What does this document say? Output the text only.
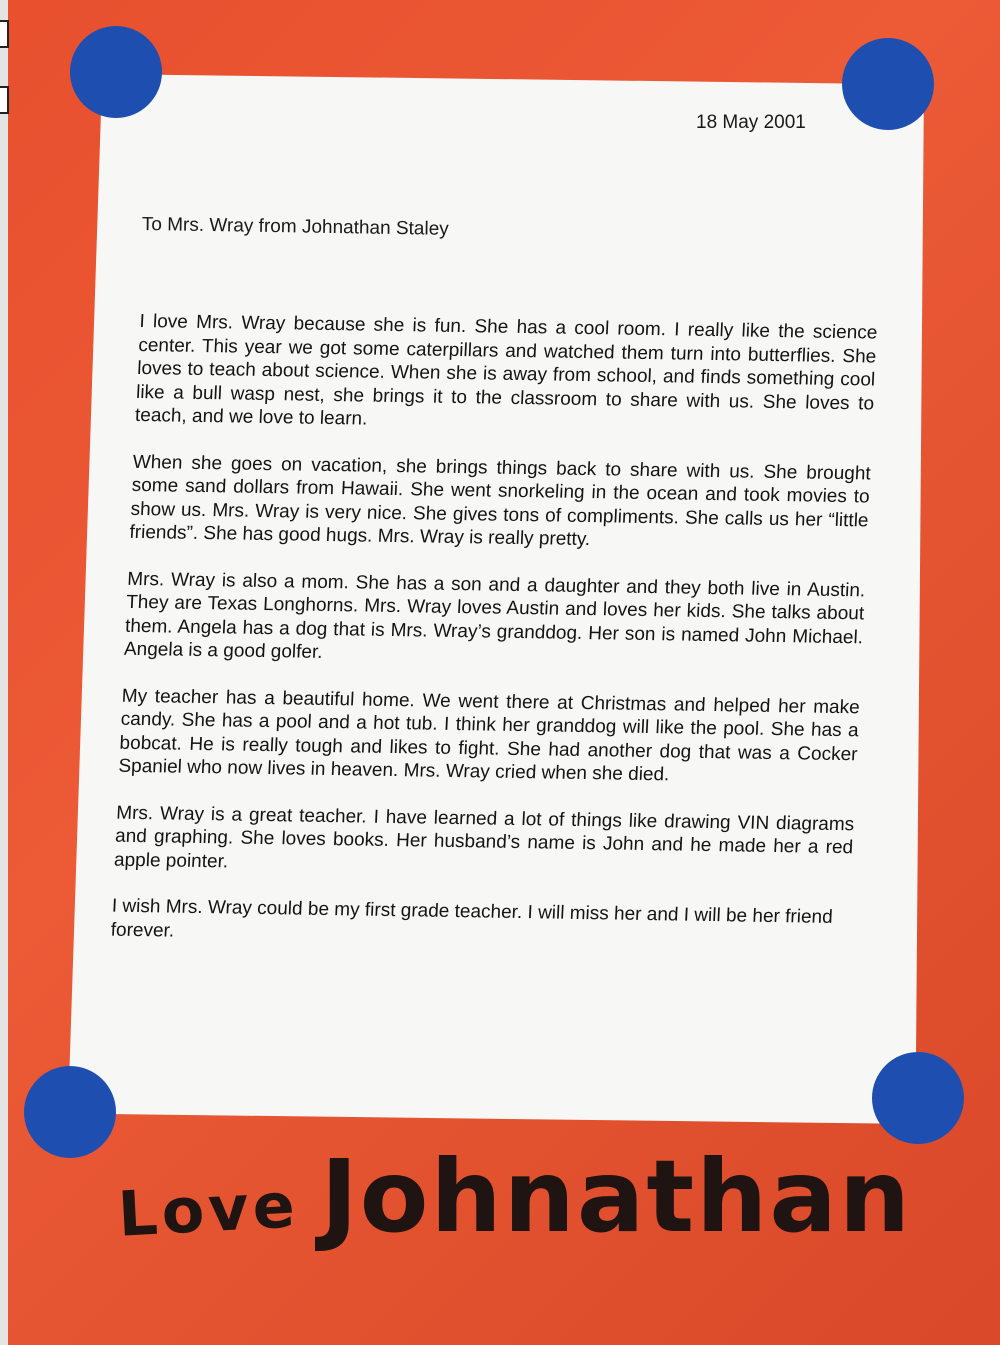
18 May 2001
To Mrs. Wray from Johnathan Staley

I love Mrs. Wray because she is fun. She has a cool room. I really like the science center. This year we got some caterpillars and watched them turn into butterflies. She loves to teach about science. When she is away from school, and finds something cool like a bull wasp nest, she brings it to the classroom to share with us. She loves to teach, and we love to learn.

When she goes on vacation, she brings things back to share with us. She brought some sand dollars from Hawaii. She went snorkeling in the ocean and took movies to show us. Mrs. Wray is very nice. She gives tons of compliments. She calls us her “little friends”. She has good hugs. Mrs. Wray is really pretty.

Mrs. Wray is also a mom. She has a son and a daughter and they both live in Austin. They are Texas Longhorns. Mrs. Wray loves Austin and loves her kids. She talks about them. Angela has a dog that is Mrs. Wray’s granddog. Her son is named John Michael. Angela is a good golfer.

My teacher has a beautiful home. We went there at Christmas and helped her make candy. She has a pool and a hot tub. I think her granddog will like the pool. She has a bobcat. He is really tough and likes to fight. She had another dog that was a Cocker Spaniel who now lives in heaven. Mrs. Wray cried when she died.

Mrs. Wray is a great teacher. I have learned a lot of things like drawing VIN diagrams and graphing. She loves books. Her husband’s name is John and he made her a red apple pointer.

I wish Mrs. Wray could be my first grade teacher. I will miss her and I will be her friend forever.

Love Johnathan
